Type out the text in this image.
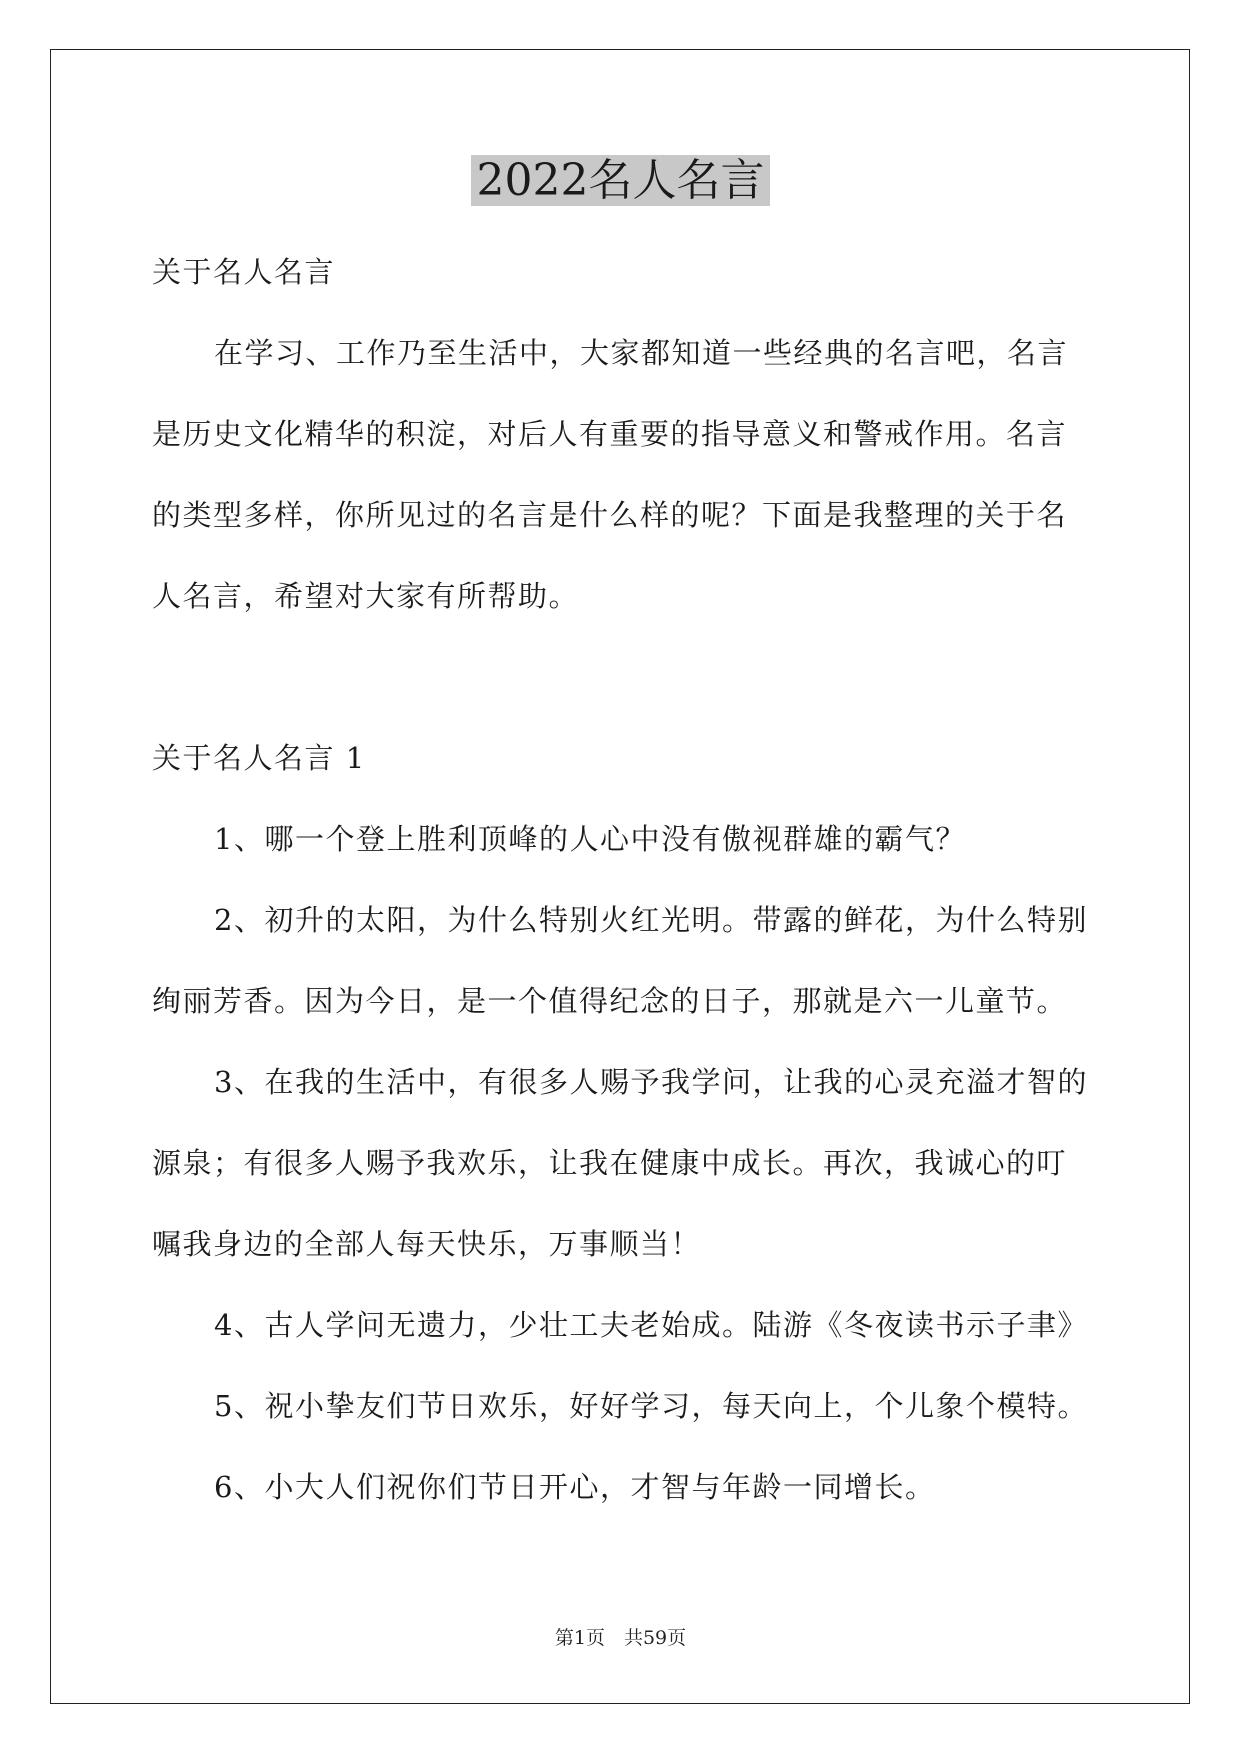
2022名人名言

关于名人名言

在学习、工作乃至生活中，大家都知道一些经典的名言吧，名言是历史文化精华的积淀，对后人有重要的指导意义和警戒作用。名言的类型多样，你所见过的名言是什么样的呢？下面是我整理的关于名人名言，希望对大家有所帮助。

关于名人名言 1

1、哪一个登上胜利顶峰的人心中没有傲视群雄的霸气？

2、初升的太阳，为什么特别火红光明。带露的鲜花，为什么特别绚丽芳香。因为今日，是一个值得纪念的日子，那就是六一儿童节。

3、在我的生活中，有很多人赐予我学问，让我的心灵充溢才智的源泉；有很多人赐予我欢乐，让我在健康中成长。再次，我诚心的叮嘱我身边的全部人每天快乐，万事顺当！

4、古人学问无遗力，少壮工夫老始成。陆游《冬夜读书示子聿》

5、祝小挚友们节日欢乐，好好学习，每天向上，个儿象个模特。

6、小大人们祝你们节日开心，才智与年龄一同增长。

第1页　共59页
